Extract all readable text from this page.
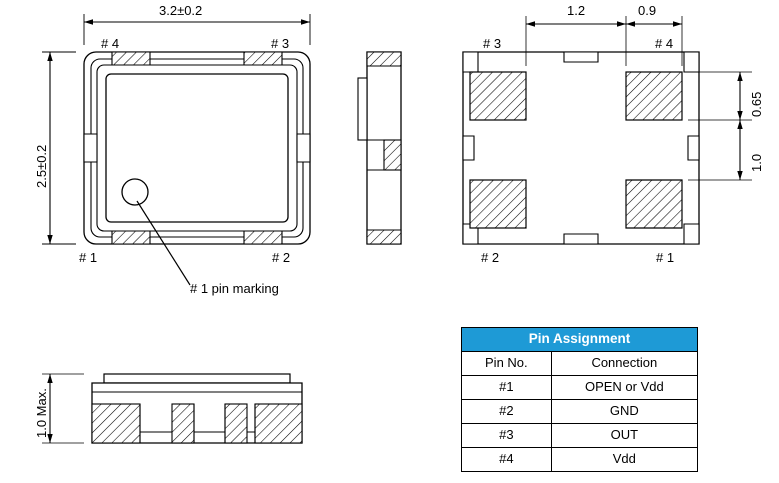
3.2±0.2
2.5±0.2
# 4	# 3
# 1	# 2
# 1 pin marking
1.2	0.9
0.65
1.0
# 3	# 4
# 2	# 1
1.0 Max.
Pin Assignment	
Pin No.	Connection
#1	OPEN or Vdd
#2	GND
#3	OUT
#4	Vdd
